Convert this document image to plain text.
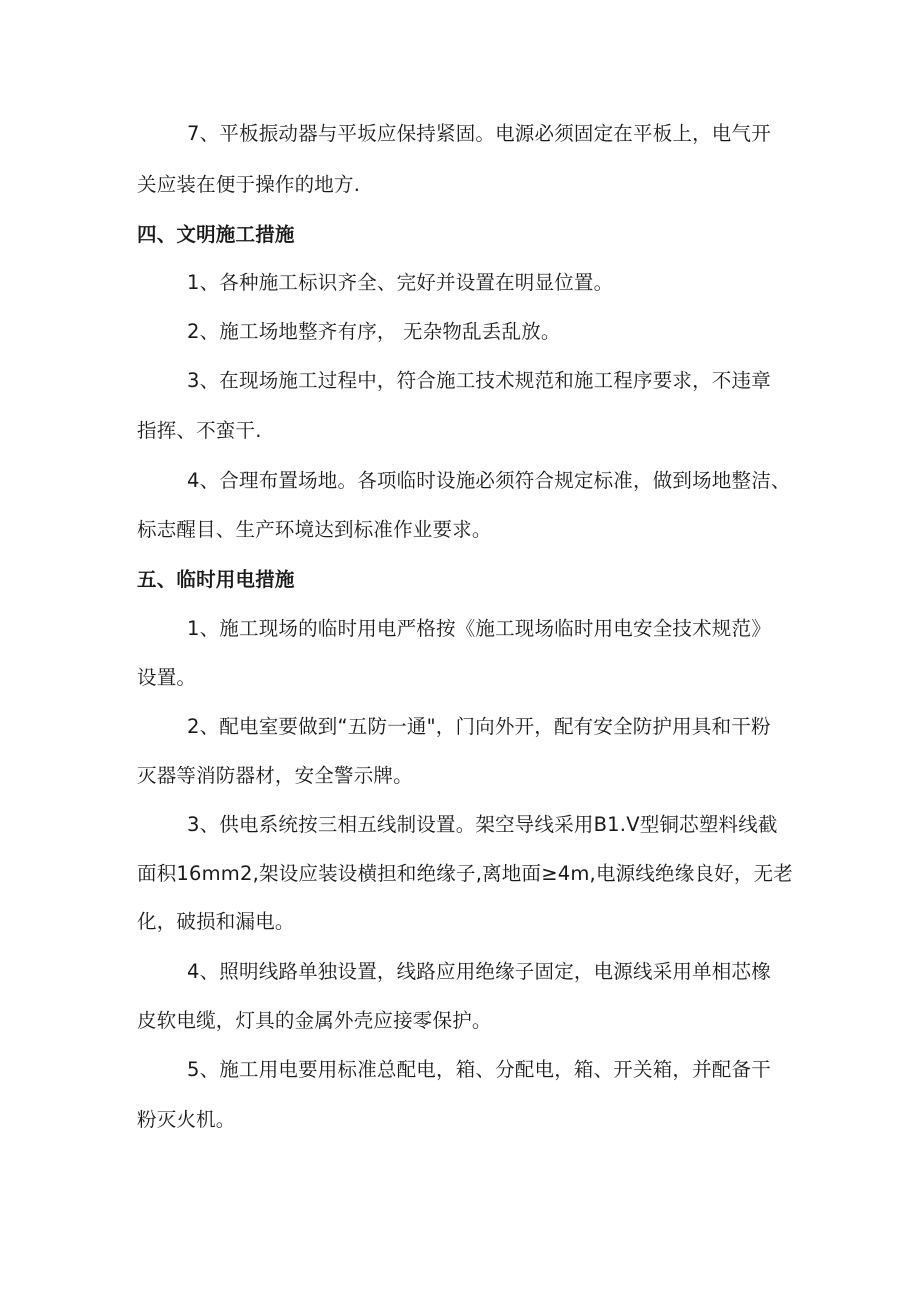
7、平板振动器与平坂应保持紧固。电源必须固定在平板上，电气开
关应装在便于操作的地方.
四、文明施工措施
1、各种施工标识齐全、完好并设置在明显位置。
2、施工场地整齐有序， 无杂物乱丢乱放。
3、在现场施工过程中，符合施工技术规范和施工程序要求，不违章
指挥、不蛮干.
4、合理布置场地。各项临时设施必须符合规定标准，做到场地整洁、
标志醒目、生产环境达到标准作业要求。
五、临时用电措施
1、施工现场的临时用电严格按《施工现场临时用电安全技术规范》
设置。
2、配电室要做到“五防一通"，门向外开，配有安全防护用具和干粉
灭器等消防器材，安全警示牌。
3、供电系统按三相五线制设置。架空导线采用B1.V型铜芯塑料线截
面积16mm2,架设应装设横担和绝缘子,离地面≥4m,电源线绝缘良好，无老
化，破损和漏电。
4、照明线路单独设置，线路应用绝缘子固定，电源线采用单相芯橡
皮软电缆，灯具的金属外壳应接零保护。
5、施工用电要用标准总配电，箱、分配电，箱、开关箱，并配备干
粉灭火机。
